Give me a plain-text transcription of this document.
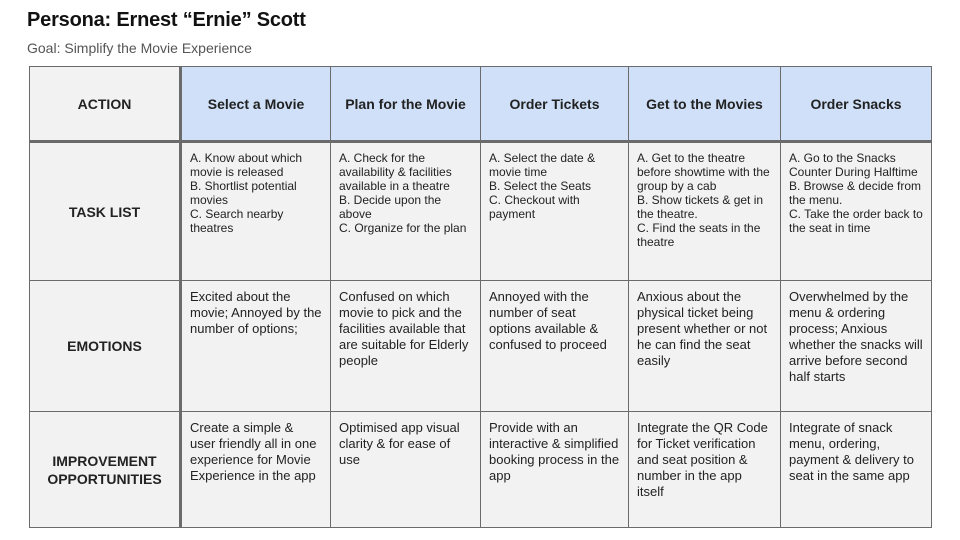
Persona: Ernest “Ernie” Scott
Goal: Simplify the Movie Experience
ACTION	Select a Movie	Plan for the Movie	Order Tickets	Get to the Movies	Order Snacks
TASK LIST	A. Know about which movie is released
B. Shortlist potential movies
C. Search nearby theatres	A. Check for the availability & facilities available in a theatre
B. Decide upon the above
C. Organize for the plan	A. Select the date & movie time
B. Select the Seats
C. Checkout with payment	A. Get to the theatre before showtime with the group by a cab
B. Show tickets & get in the theatre.
C. Find the seats in the theatre	A. Go to the Snacks Counter During Halftime
B. Browse & decide from the menu.
C. Take the order back to the seat in time

EMOTIONS	Excited about the movie; Annoyed by the number of options;	Confused on which movie to pick and the facilities available that are suitable for Elderly people	Annoyed with the number of seat options available & confused to proceed	Anxious about the physical ticket being present whether or not he can find the seat easily	Overwhelmed by the menu & ordering process; Anxious whether the snacks will arrive before second half starts

IMPROVEMENT
OPPORTUNITIES	Create a simple & user friendly all in one experience for Movie Experience in the app	Optimised app visual clarity & for ease of use	Provide with an interactive & simplified booking process in the app	Integrate the QR Code for Ticket verification and seat position & number in the app itself	Integrate of snack menu, ordering, payment & delivery to seat in the same app
